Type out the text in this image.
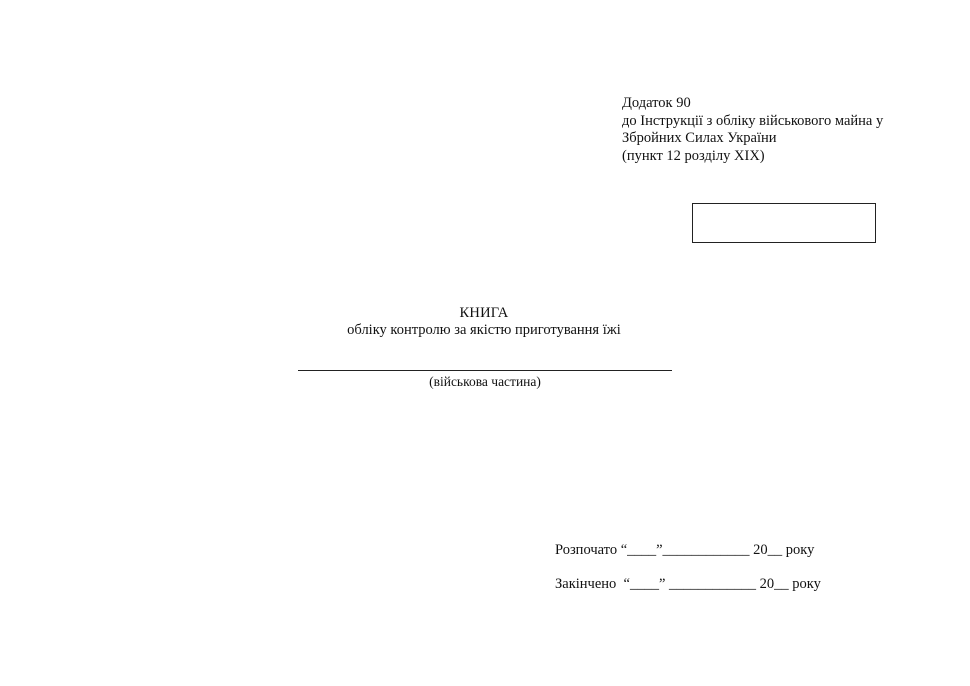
Додаток 90
до Інструкції з обліку військового майна у
Збройних Силах України
(пункт 12 розділу XIX)
КНИГА
обліку контролю за якістю приготування їжі
(військова частина)
Розпочато “____”____________ 20__ року
Закінчено  “____” ____________ 20__ року
